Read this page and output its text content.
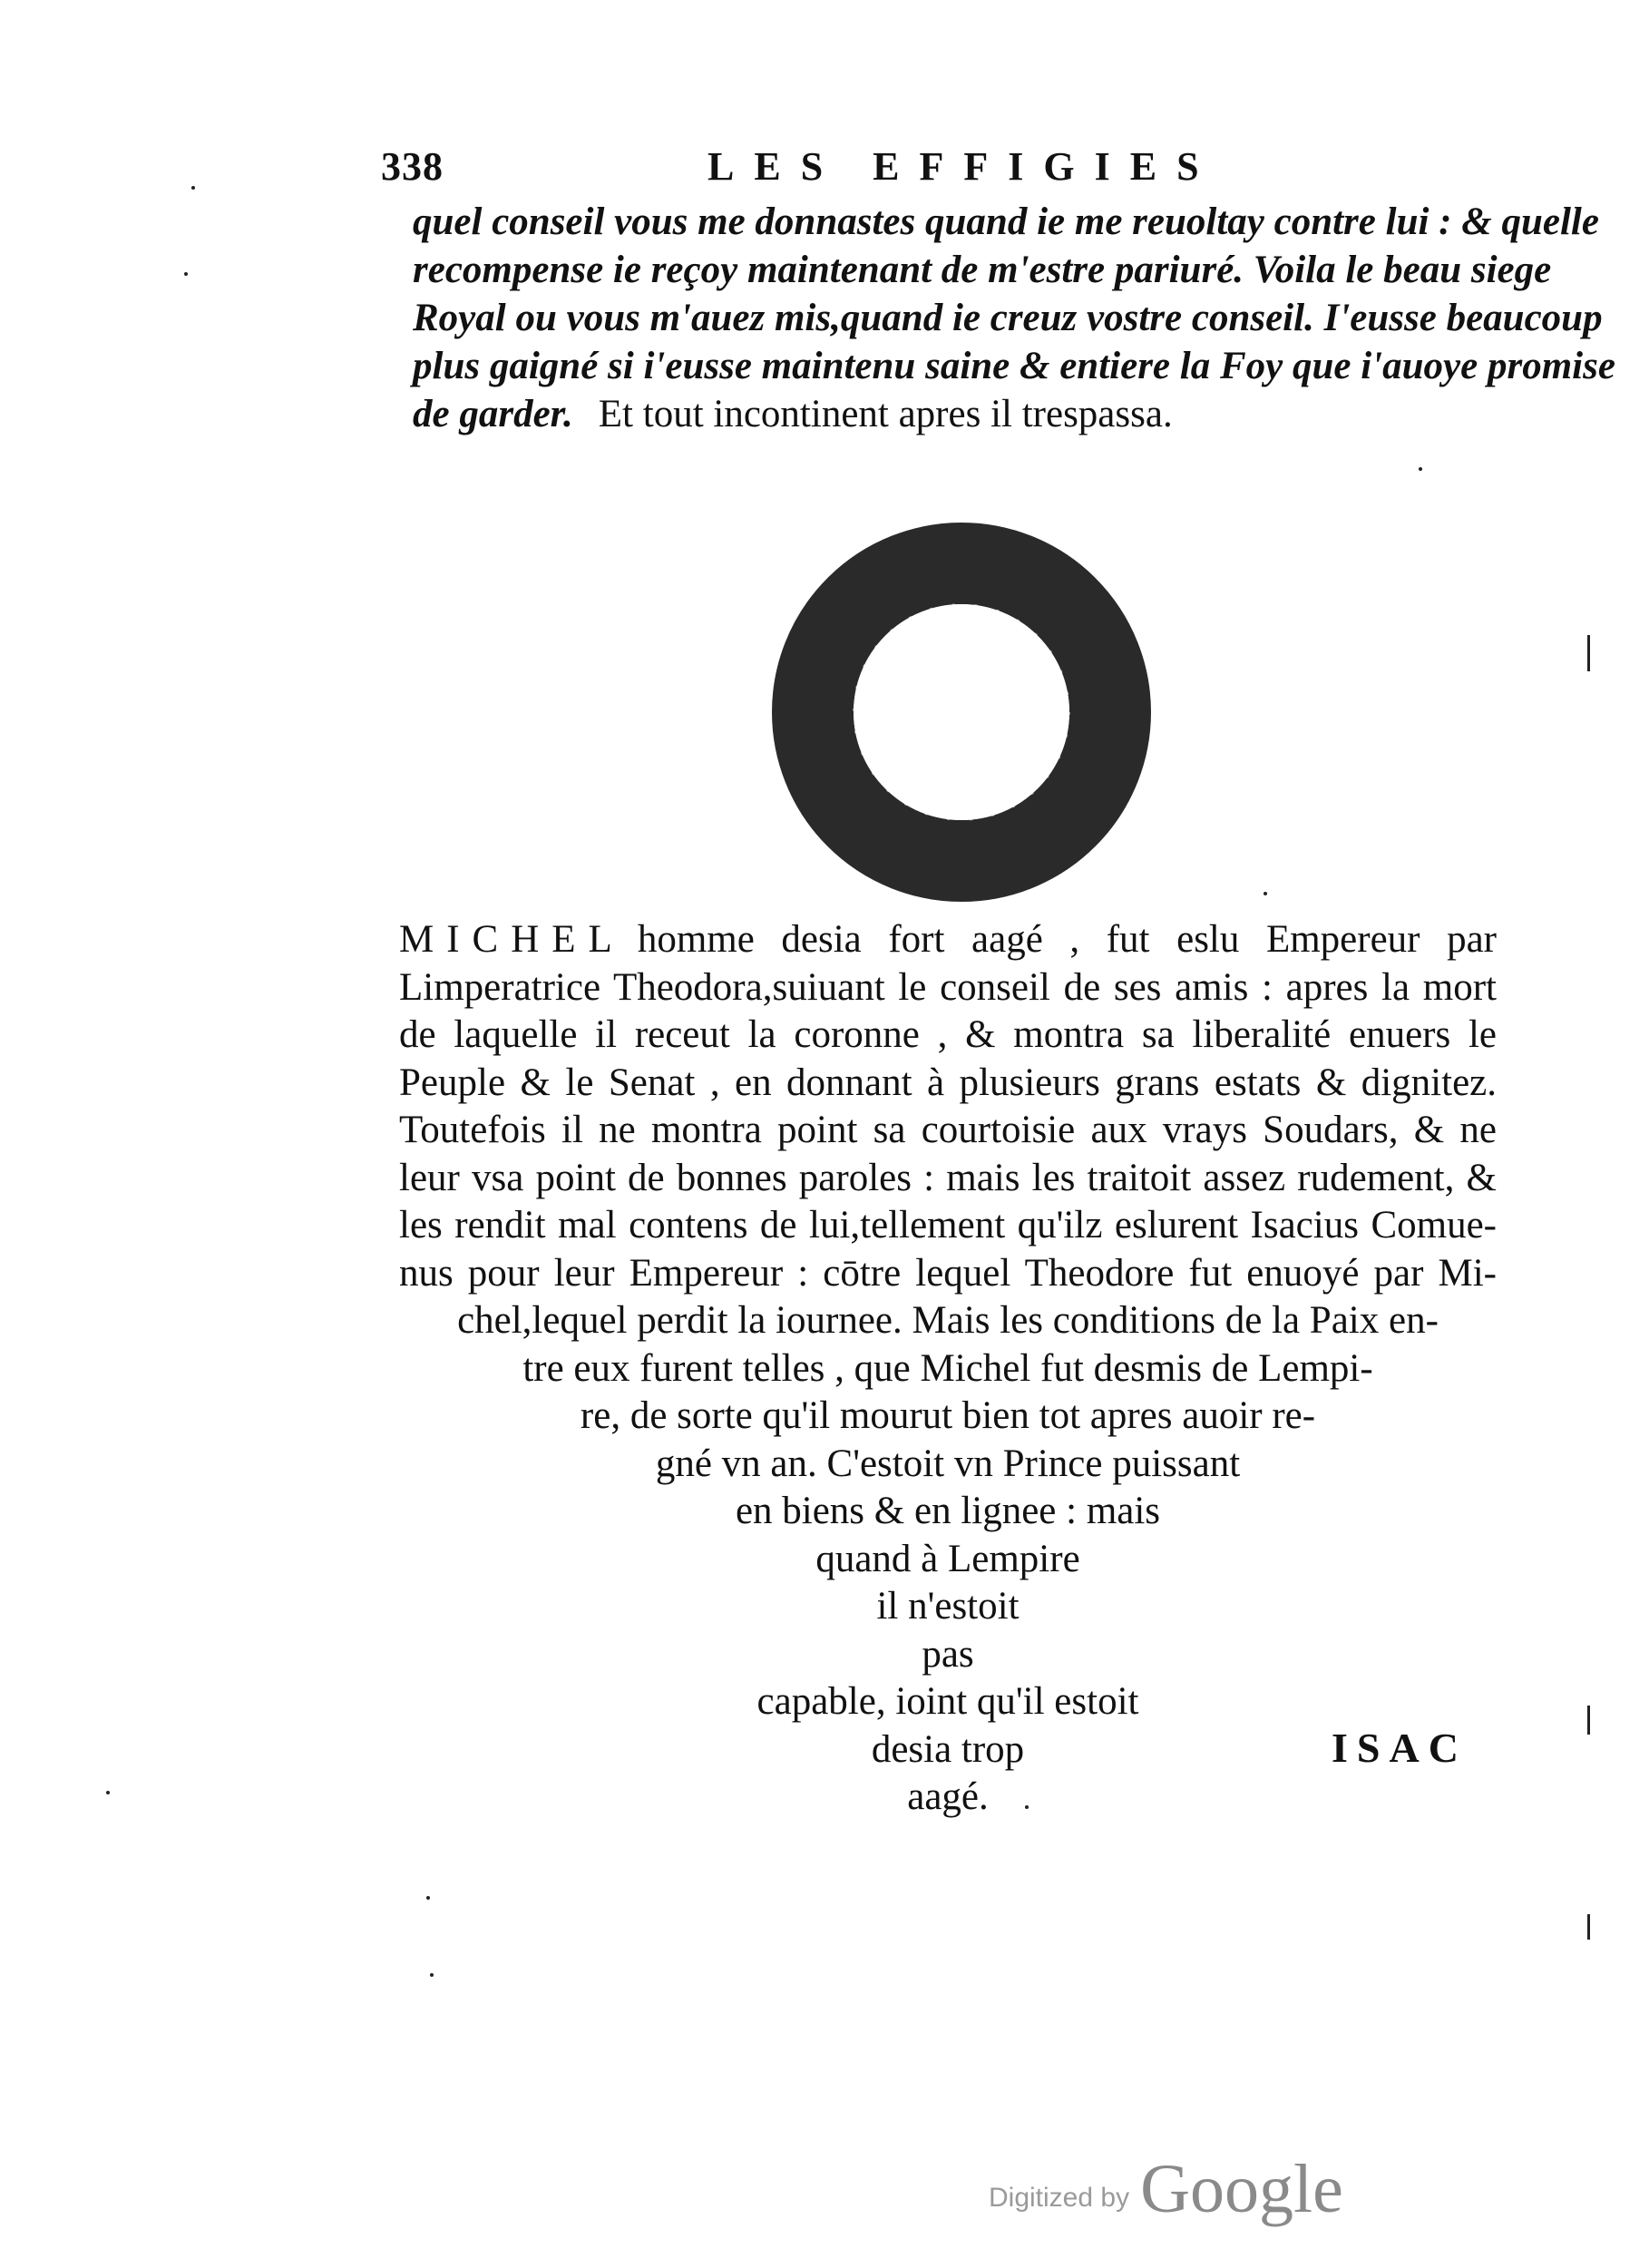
338	LES EFFIGIES
quel conseil vous me donnastes quand ie me reuoltay contre lui : & quelle
recompense ie reçoy maintenant de m'estre pariuré. Voila le beau siege
Royal ou vous m'auez mis,quand ie creuz vostre conseil. I'eusse beaucoup
plus gaigné si i'eusse maintenu saine & entiere la Foy que i'auoye promise
de garder. Et tout incontinent apres il trespassa.
MICHEL homme desia fort aagé , fut eslu Empereur par
Limperatrice Theodora,suiuant le conseil de ses amis : apres la mort
de laquelle il receut la coronne , & montra sa liberalité enuers le
Peuple & le Senat , en donnant à plusieurs grans estats & dignitez.
Toutefois il ne montra point sa courtoisie aux vrays Soudars, & ne
leur vsa point de bonnes paroles : mais les traitoit assez rudement, &
les rendit mal contens de lui,tellement qu'ilz eslurent Isacius Comue-
nus pour leur Empereur : cōtre lequel Theodore fut enuoyé par Mi-
chel,lequel perdit la iournee. Mais les conditions de la Paix en-
tre eux furent telles , que Michel fut desmis de Lempi-
re, de sorte qu'il mourut bien tot apres auoir re-
gné vn an. C'estoit vn Prince puissant
en biens & en lignee : mais
quand à Lempire
il n'estoit
pas
capable, ioint qu'il estoit
desia trop
aagé.
ISAC
Digitized by Google
